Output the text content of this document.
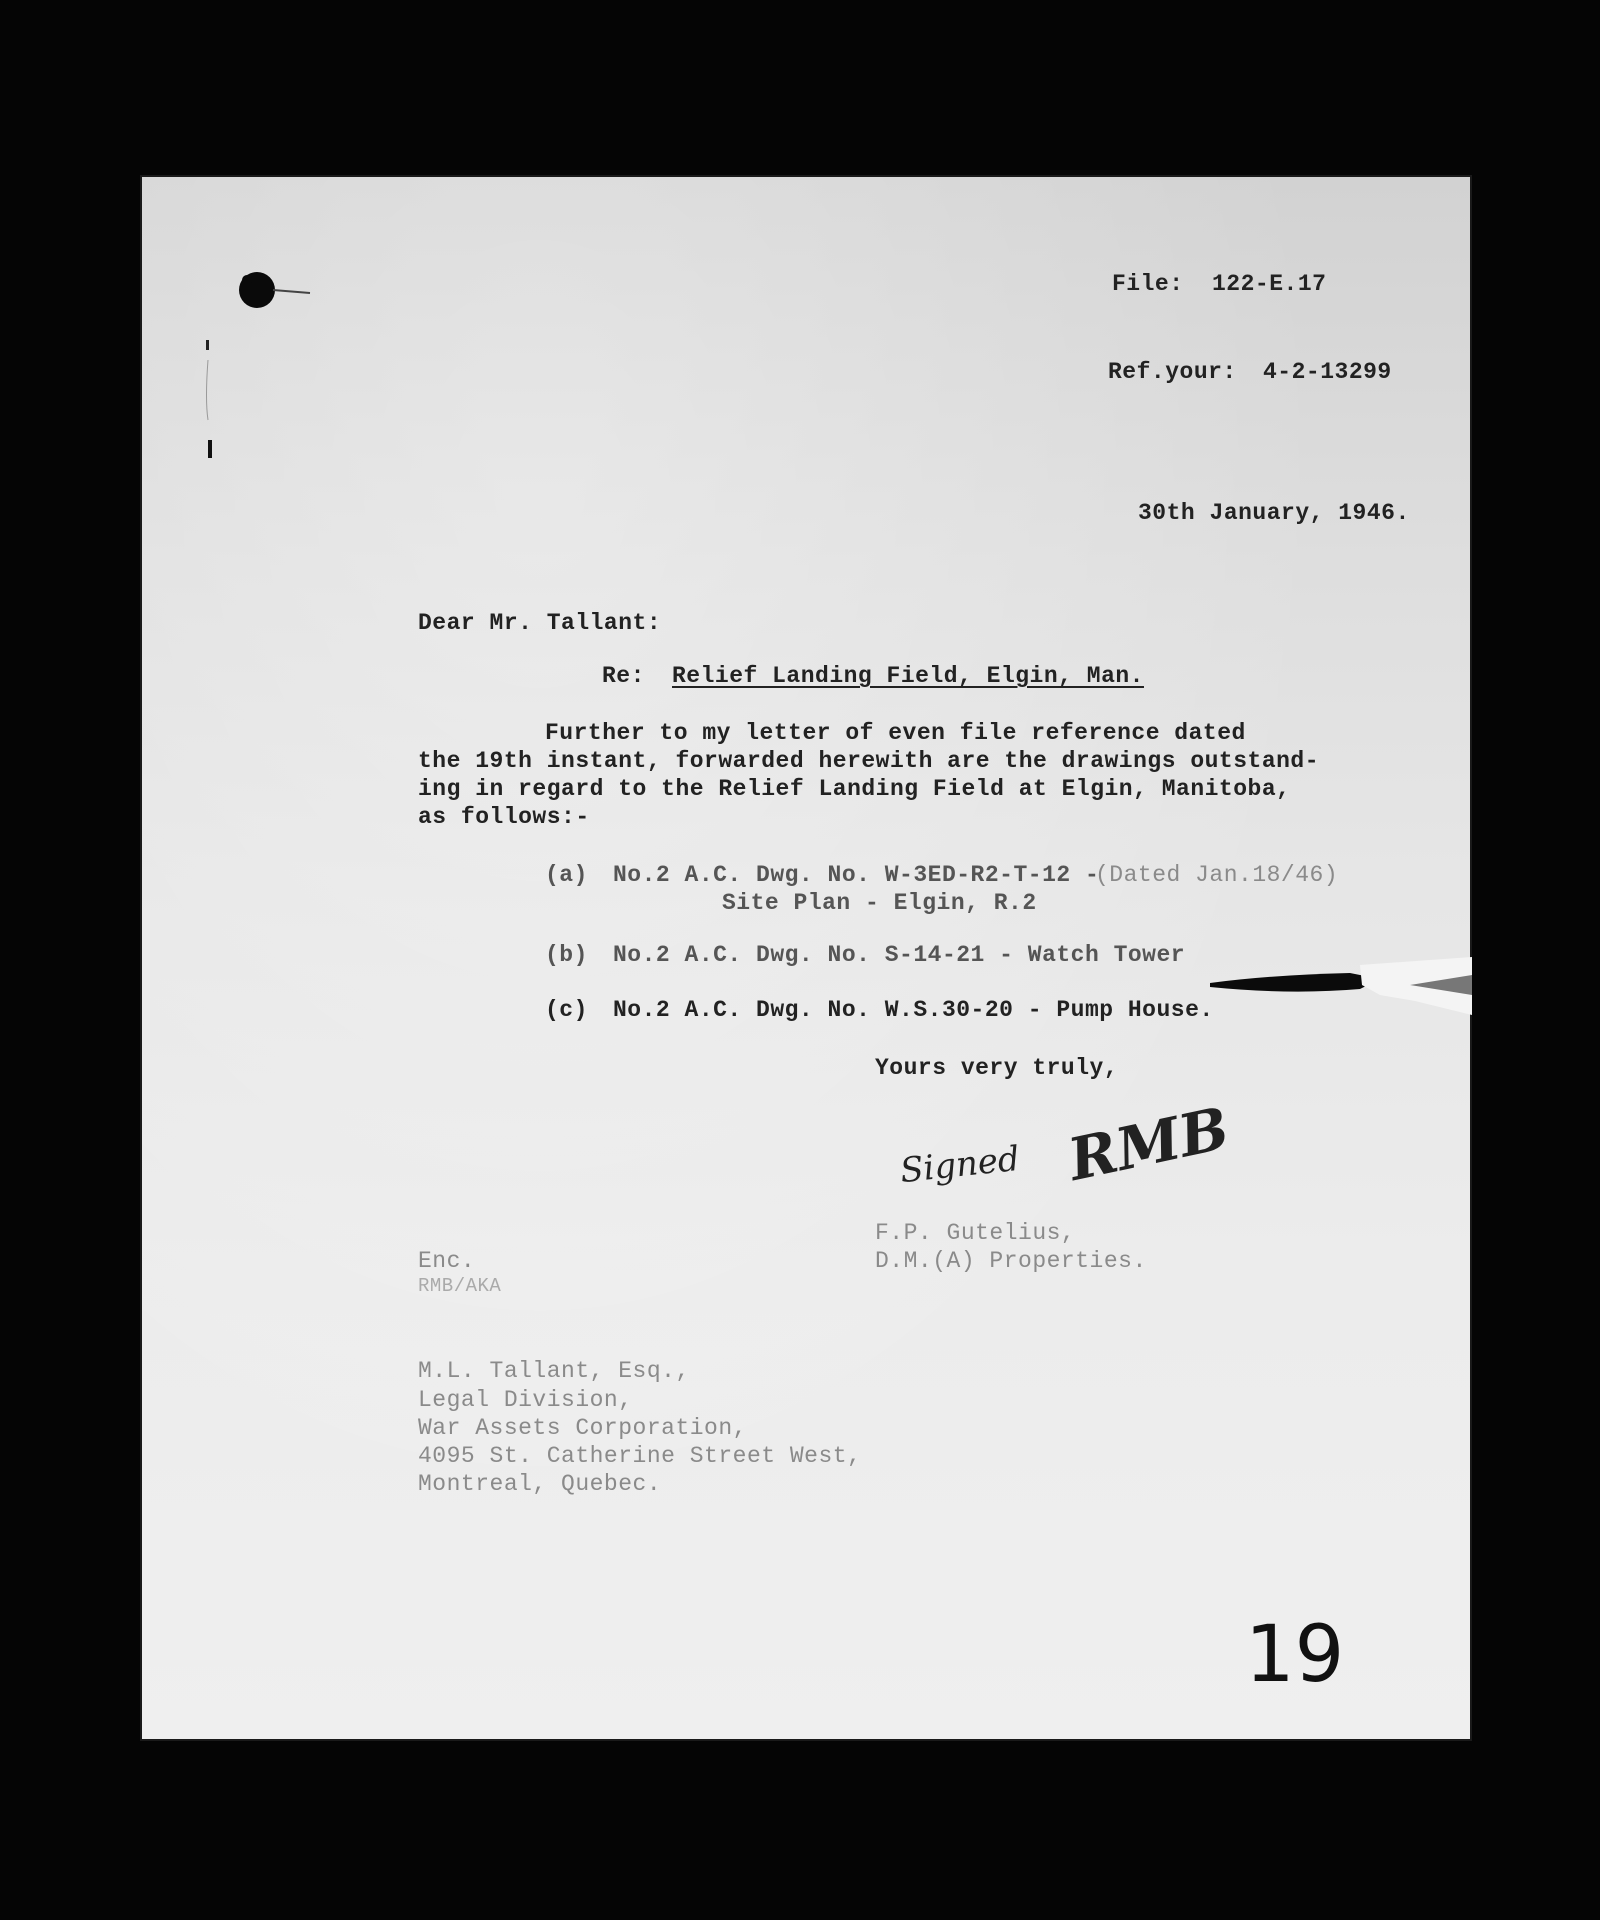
File: 122-E.17
Ref.your: 4-2-13299
30th January, 1946.
Dear Mr. Tallant:
Re: Relief Landing Field, Elgin, Man.
Further to my letter of even file reference dated
the 19th instant, forwarded herewith are the drawings outstand-
ing in regard to the Relief Landing Field at Elgin, Manitoba,
as follows:-
(a) No.2 A.C. Dwg. No. W-3ED-R2-T-12 -
(Dated Jan.18/46)
Site Plan - Elgin, R.2
(b) No.2 A.C. Dwg. No. S-14-21 - Watch Tower
(c) No.2 A.C. Dwg. No. W.S.30-20 - Pump House.
Yours very truly,
Signed RMB
F.P. Gutelius,
D.M.(A) Properties.
Enc.
RMB/AKA
M.L. Tallant, Esq.,
Legal Division,
War Assets Corporation,
4095 St. Catherine Street West,
Montreal, Quebec.
19
